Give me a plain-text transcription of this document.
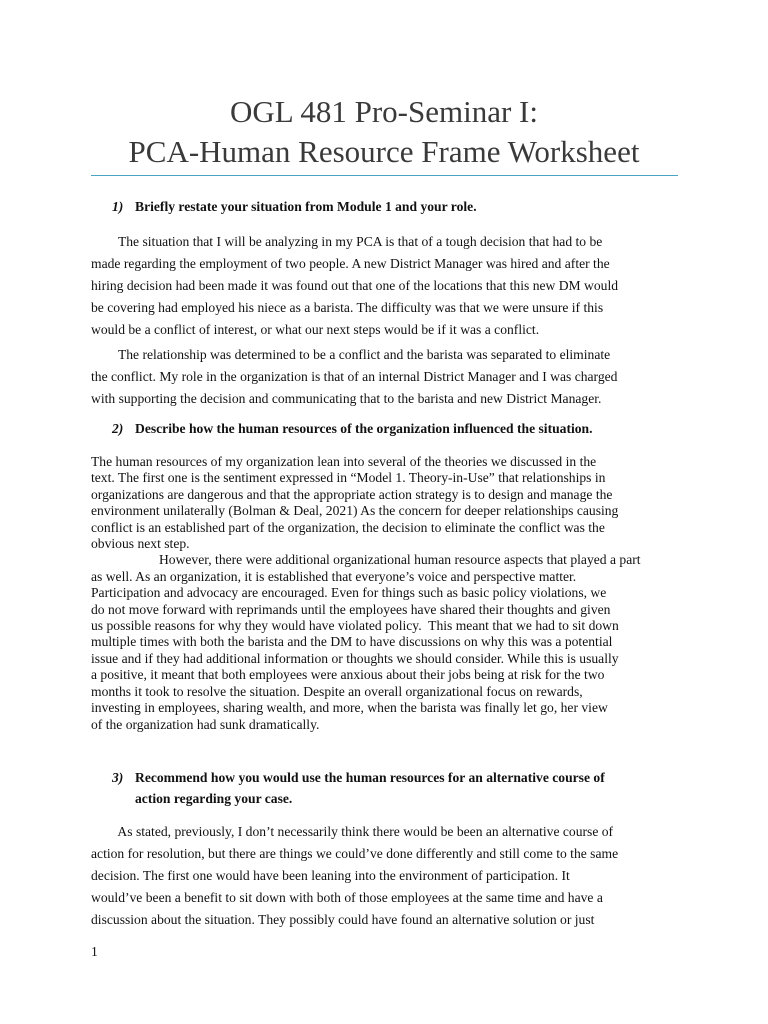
OGL 481 Pro-Seminar I:
PCA-Human Resource Frame Worksheet
1) Briefly restate your situation from Module 1 and your role.
The situation that I will be analyzing in my PCA is that of a tough decision that had to be
made regarding the employment of two people. A new District Manager was hired and after the
hiring decision had been made it was found out that one of the locations that this new DM would
be covering had employed his niece as a barista. The difficulty was that we were unsure if this
would be a conflict of interest, or what our next steps would be if it was a conflict.
The relationship was determined to be a conflict and the barista was separated to eliminate
the conflict. My role in the organization is that of an internal District Manager and I was charged
with supporting the decision and communicating that to the barista and new District Manager.
2) Describe how the human resources of the organization influenced the situation.
The human resources of my organization lean into several of the theories we discussed in the
text. The first one is the sentiment expressed in “Model 1. Theory-in-Use” that relationships in
organizations are dangerous and that the appropriate action strategy is to design and manage the
environment unilaterally (Bolman & Deal, 2021) As the concern for deeper relationships causing
conflict is an established part of the organization, the decision to eliminate the conflict was the
obvious next step.
However, there were additional organizational human resource aspects that played a part
as well. As an organization, it is established that everyone’s voice and perspective matter.
Participation and advocacy are encouraged. Even for things such as basic policy violations, we
do not move forward with reprimands until the employees have shared their thoughts and given
us possible reasons for why they would have violated policy.  This meant that we had to sit down
multiple times with both the barista and the DM to have discussions on why this was a potential
issue and if they had additional information or thoughts we should consider. While this is usually
a positive, it meant that both employees were anxious about their jobs being at risk for the two
months it took to resolve the situation. Despite an overall organizational focus on rewards,
investing in employees, sharing wealth, and more, when the barista was finally let go, her view
of the organization had sunk dramatically.
3) Recommend how you would use the human resources for an alternative course of
action regarding your case.
As stated, previously, I don’t necessarily think there would be been an alternative course of
action for resolution, but there are things we could’ve done differently and still come to the same
decision. The first one would have been leaning into the environment of participation. It
would’ve been a benefit to sit down with both of those employees at the same time and have a
discussion about the situation. They possibly could have found an alternative solution or just
1
